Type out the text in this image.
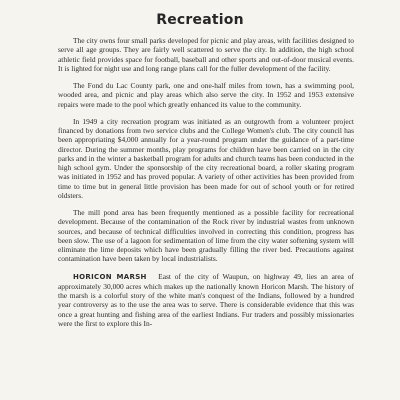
Recreation

The city owns four small parks developed for picnic and play areas, with facilities designed to serve all age groups. They are fairly well scattered to serve the city. In addition, the high school athletic field provides space for football, baseball and other sports and out-of-door musical events. It is lighted for night use and long range plans call for the fuller development of the facility.

The Fond du Lac County park, one and one-half miles from town, has a swimming pool, wooded area, and picnic and play areas which also serve the city. In 1952 and 1953 extensive repairs were made to the pool which greatly enhanced its value to the community.

In 1949 a city recreation program was initiated as an outgrowth from a volunteer project financed by donations from two service clubs and the College Women's club. The city council has been appropriating $4,000 annually for a year-round program under the guidance of a part-time director. During the summer months, play programs for children have been carried on in the city parks and in the winter a basketball program for adults and church teams has been conducted in the high school gym. Under the sponsorship of the city recreational board, a roller skating program was initiated in 1952 and has proved popular. A variety of other activities has been provided from time to time but in general little provision has been made for out of school youth or for retired oldsters.

The mill pond area has been frequently mentioned as a possible facility for recreational development. Because of the contamination of the Rock river by industrial wastes from unknown sources, and because of technical difficulties involved in correcting this condition, progress has been slow. The use of a lagoon for sedimentation of lime from the city water softening system will eliminate the lime deposits which have been gradually filling the river bed. Precautions against contamination have been taken by local industrialists.

HORICON MARSH East of the city of Waupun, on highway 49, lies an area of approximately 30,000 acres which makes up the nationally known Horicon Marsh. The history of the marsh is a colorful story of the white man's conquest of the Indians, followed by a hundred year controversy as to the use the area was to serve. There is considerable evidence that this was once a great hunting and fishing area of the earliest Indians. Fur traders and possibly missionaries were the first to explore this In-
